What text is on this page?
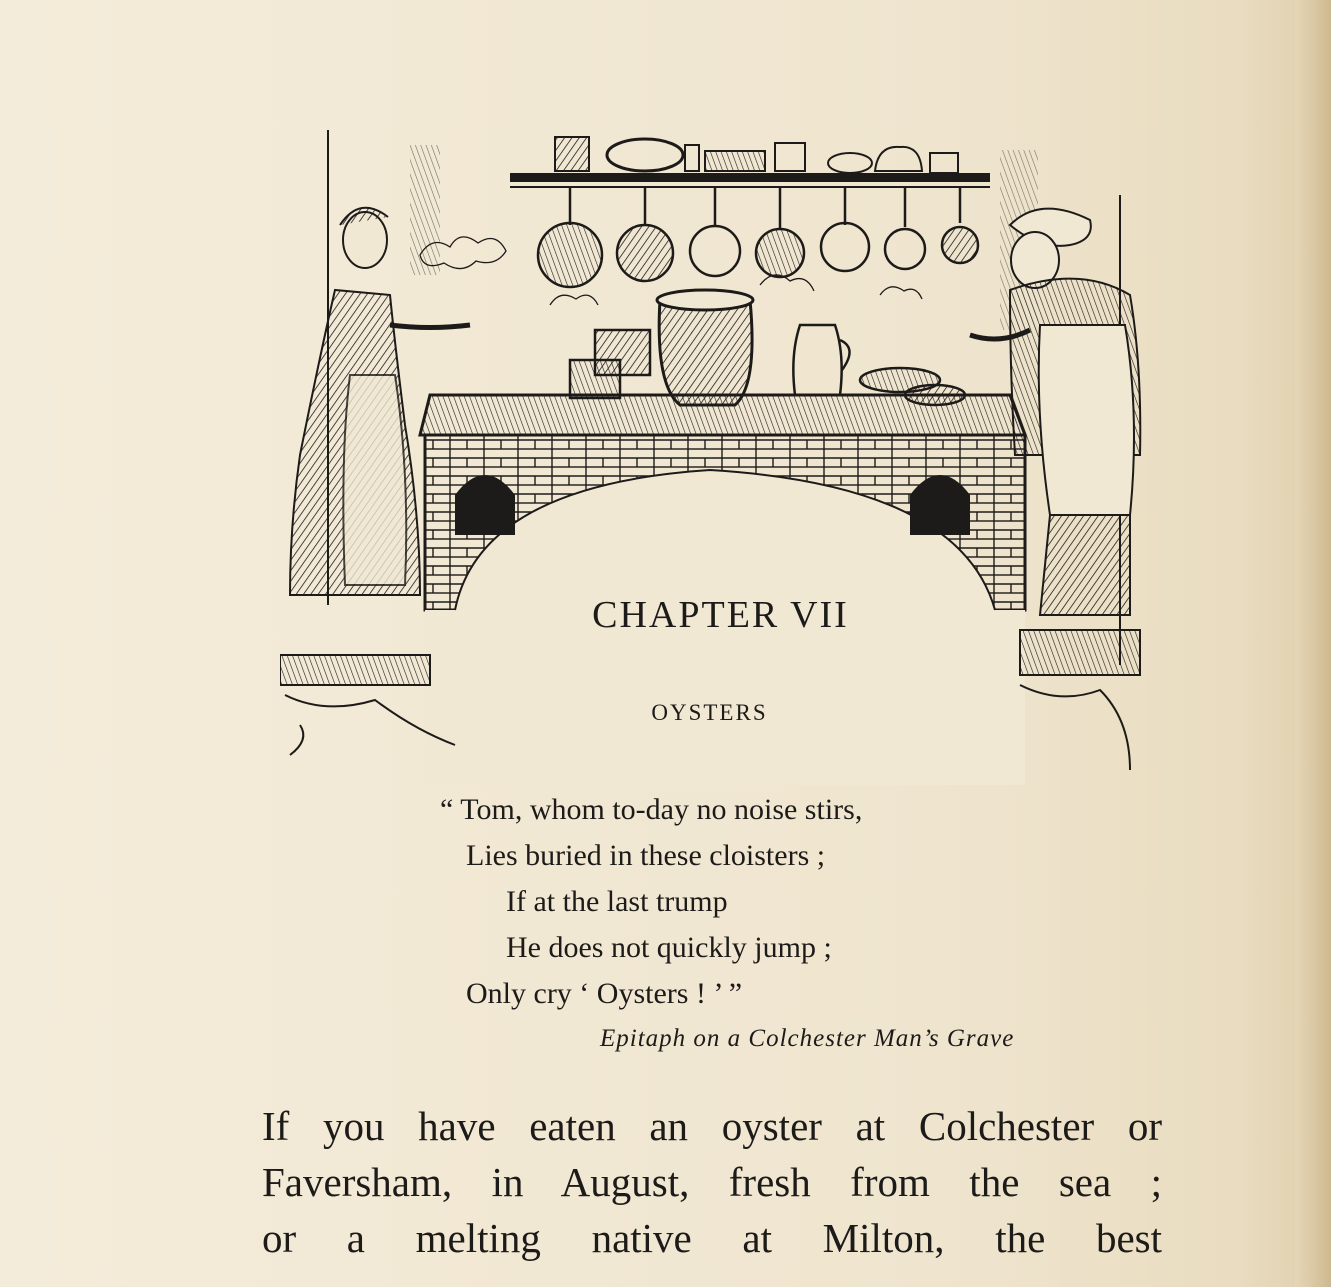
CHAPTER VII
OYSTERS
“ Tom, whom to-day no noise stirs,
Lies buried in these cloisters ;
If at the last trump
He does not quickly jump ;
Only cry ‘ Oysters ! ’ ”
Epitaph on a Colchester Man’s Grave
If you have eaten an oyster at Colchester or
Faversham, in August, fresh from the sea ;
or a melting native at Milton, the best
